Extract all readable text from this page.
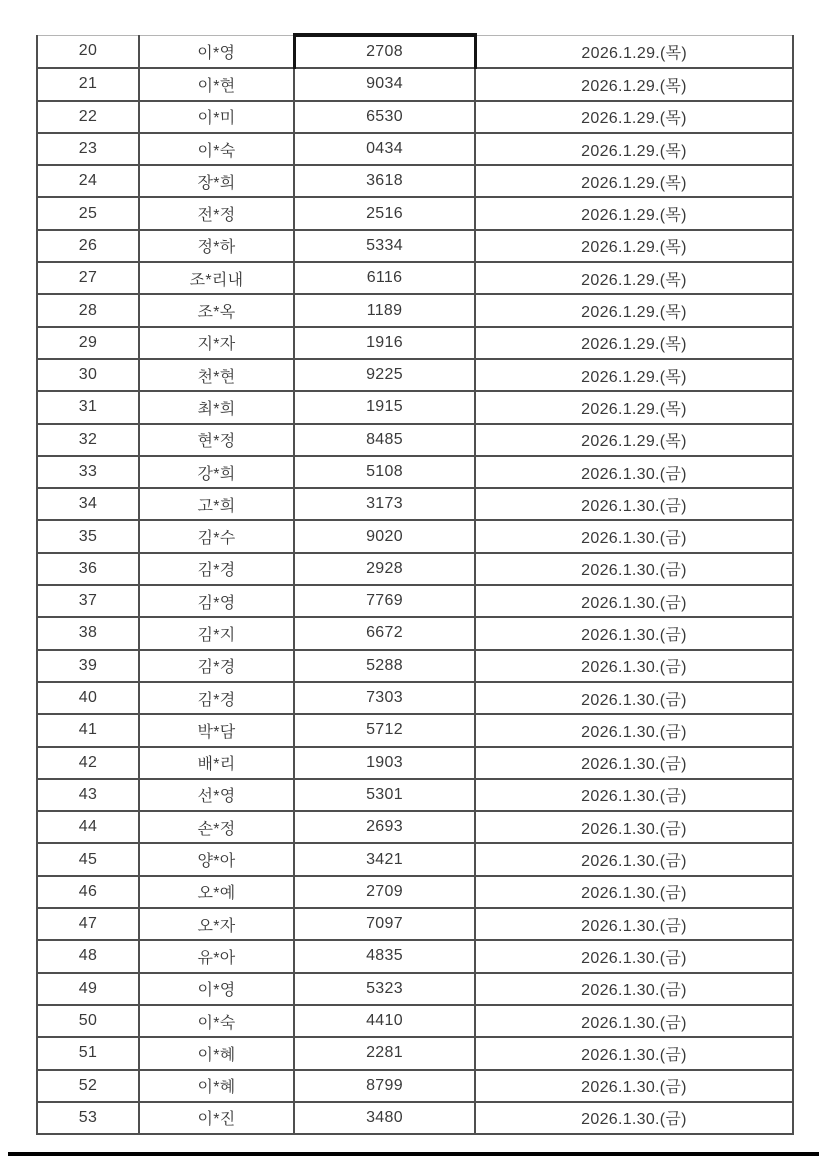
20	이*영	2708	2026.1.29.(목)
21	이*현	9034	2026.1.29.(목)
22	이*미	6530	2026.1.29.(목)
23	이*숙	0434	2026.1.29.(목)
24	장*희	3618	2026.1.29.(목)
25	전*정	2516	2026.1.29.(목)
26	정*하	5334	2026.1.29.(목)
27	조*리내	6116	2026.1.29.(목)
28	조*옥	1189	2026.1.29.(목)
29	지*자	1916	2026.1.29.(목)
30	천*현	9225	2026.1.29.(목)
31	최*희	1915	2026.1.29.(목)
32	현*정	8485	2026.1.29.(목)
33	강*희	5108	2026.1.30.(금)
34	고*희	3173	2026.1.30.(금)
35	김*수	9020	2026.1.30.(금)
36	김*경	2928	2026.1.30.(금)
37	김*영	7769	2026.1.30.(금)
38	김*지	6672	2026.1.30.(금)
39	김*경	5288	2026.1.30.(금)
40	김*경	7303	2026.1.30.(금)
41	박*담	5712	2026.1.30.(금)
42	배*리	1903	2026.1.30.(금)
43	선*영	5301	2026.1.30.(금)
44	손*정	2693	2026.1.30.(금)
45	양*아	3421	2026.1.30.(금)
46	오*예	2709	2026.1.30.(금)
47	오*자	7097	2026.1.30.(금)
48	유*아	4835	2026.1.30.(금)
49	이*영	5323	2026.1.30.(금)
50	이*숙	4410	2026.1.30.(금)
51	이*혜	2281	2026.1.30.(금)
52	이*혜	8799	2026.1.30.(금)
53	이*진	3480	2026.1.30.(금)
